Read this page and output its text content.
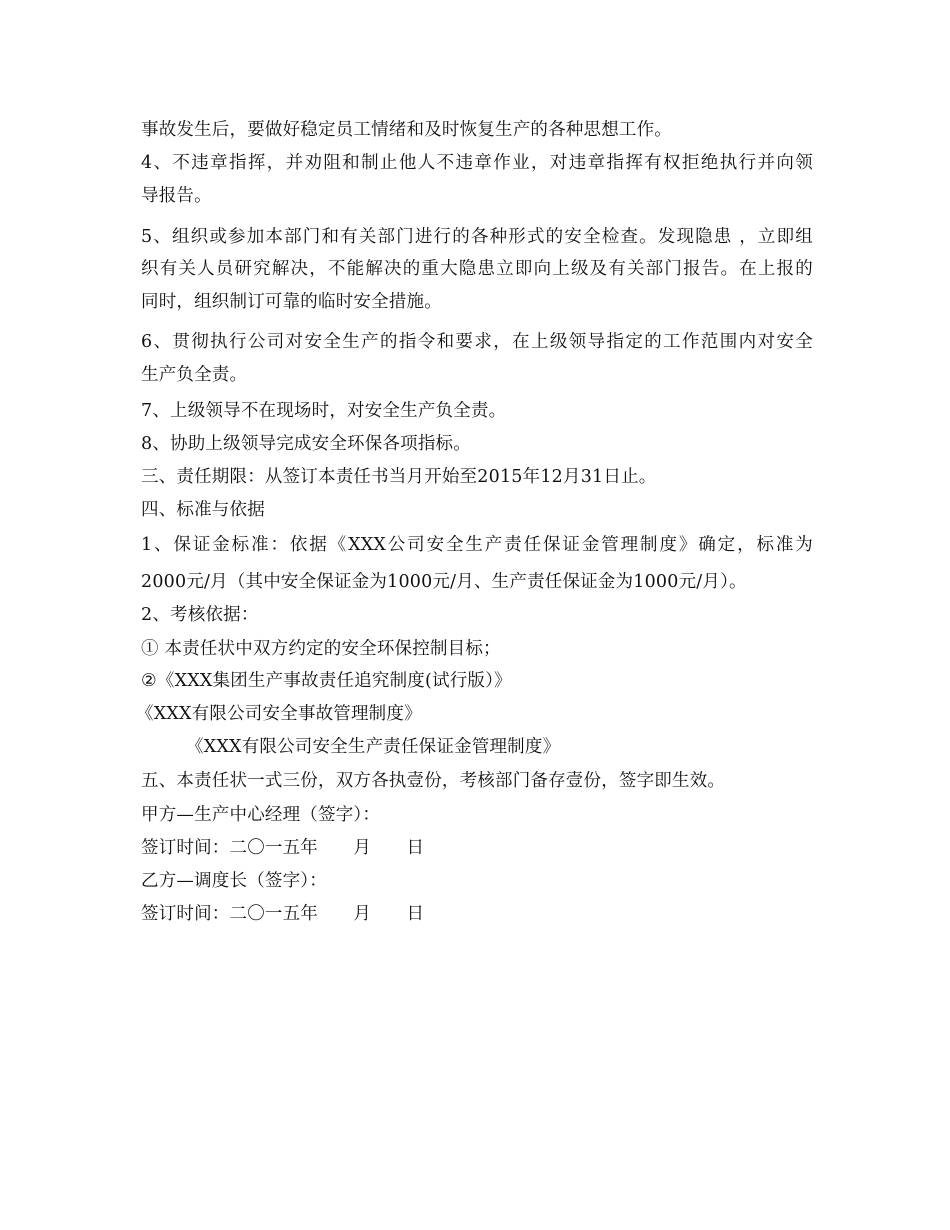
事故发生后，要做好稳定员工情绪和及时恢复生产的各种思想工作。
4、不违章指挥，并劝阻和制止他人不违章作业，对违章指挥有权拒绝执行并向领
导报告。
5、组织或参加本部门和有关部门进行的各种形式的安全检查。发现隐患 ，立即组
织有关人员研究解决，不能解决的重大隐患立即向上级及有关部门报告。在上报的
同时，组织制订可靠的临时安全措施。
6、贯彻执行公司对安全生产的指令和要求，在上级领导指定的工作范围内对安全
生产负全责。
7、上级领导不在现场时，对安全生产负全责。
8、协助上级领导完成安全环保各项指标。
三、责任期限：从签订本责任书当月开始至2015年12月31日止。
四、标准与依据
1、保证金标准：依据《XXX公司安全生产责任保证金管理制度》确定，标准为
2000元/月（其中安全保证金为1000元/月、生产责任保证金为1000元/月）。
2、考核依据：
① 本责任状中双方约定的安全环保控制目标；
②《XXX集团生产事故责任追究制度(试行版）》
《XXX有限公司安全事故管理制度》
《XXX有限公司安全生产责任保证金管理制度》
五、本责任状一式三份，双方各执壹份，考核部门备存壹份，签字即生效。
甲方—生产中心经理（签字）：
签订时间：二〇一五年　　月　　日
乙方—调度长（签字）：
签订时间：二〇一五年　　月　　日
